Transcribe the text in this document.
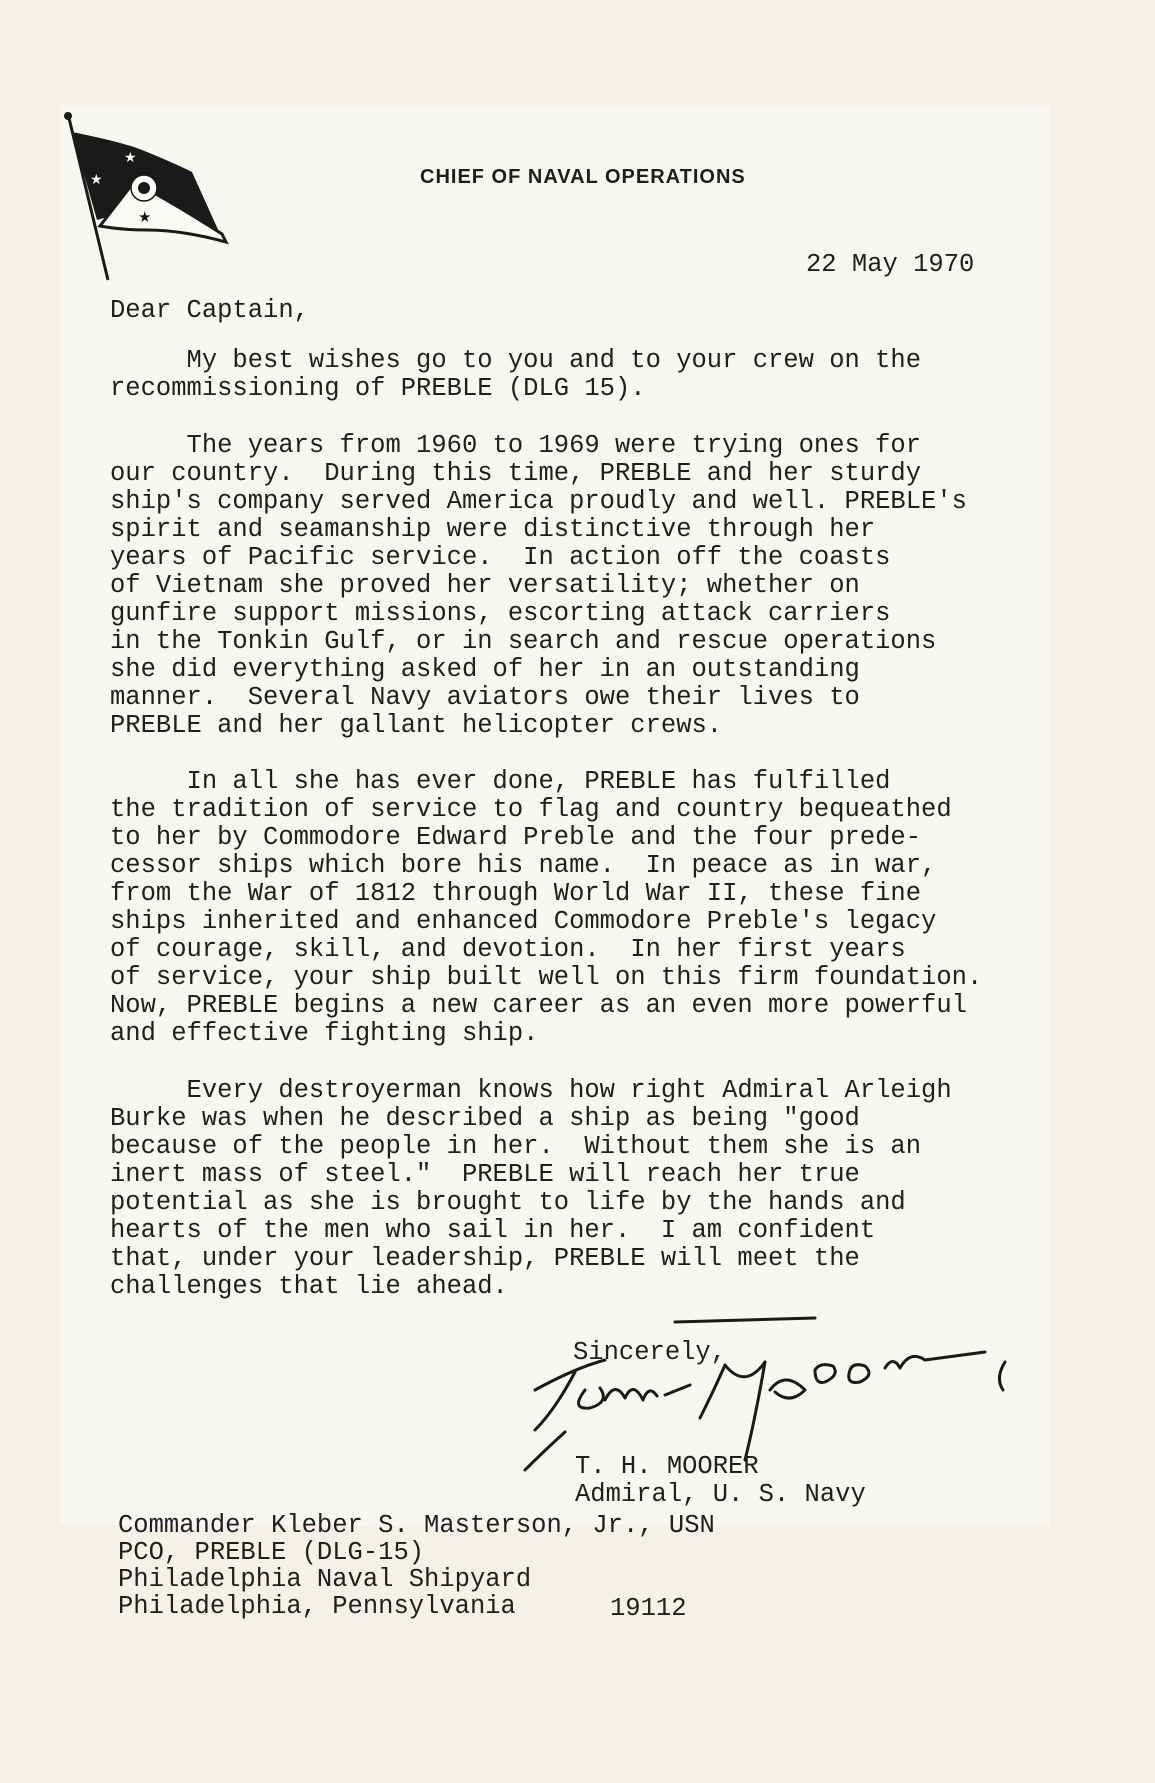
★
★
★
★
CHIEF OF NAVAL OPERATIONS
22 May 1970
Dear Captain,

My best wishes go to you and to your crew on the
recommissioning of PREBLE (DLG 15).

The years from 1960 to 1969 were trying ones for
our country.  During this time, PREBLE and her sturdy
ship's company served America proudly and well. PREBLE's
spirit and seamanship were distinctive through her
years of Pacific service.  In action off the coasts
of Vietnam she proved her versatility; whether on
gunfire support missions, escorting attack carriers
in the Tonkin Gulf, or in search and rescue operations
she did everything asked of her in an outstanding
manner.  Several Navy aviators owe their lives to
PREBLE and her gallant helicopter crews.

In all she has ever done, PREBLE has fulfilled
the tradition of service to flag and country bequeathed
to her by Commodore Edward Preble and the four prede-
cessor ships which bore his name.  In peace as in war,
from the War of 1812 through World War II, these fine
ships inherited and enhanced Commodore Preble's legacy
of courage, skill, and devotion.  In her first years
of service, your ship built well on this firm foundation.
Now, PREBLE begins a new career as an even more powerful
and effective fighting ship.

Every destroyerman knows how right Admiral Arleigh
Burke was when he described a ship as being "good
because of the people in her.  Without them she is an
inert mass of steel."  PREBLE will reach her true
potential as she is brought to life by the hands and
hearts of the men who sail in her.  I am confident
that, under your leadership, PREBLE will meet the
challenges that lie ahead.

Sincerely,
T. H. MOORER
Admiral, U. S. Navy
Commander Kleber S. Masterson, Jr., USN
PCO, PREBLE (DLG-15)
Philadelphia Naval Shipyard
Philadelphia, Pennsylvania	19112
